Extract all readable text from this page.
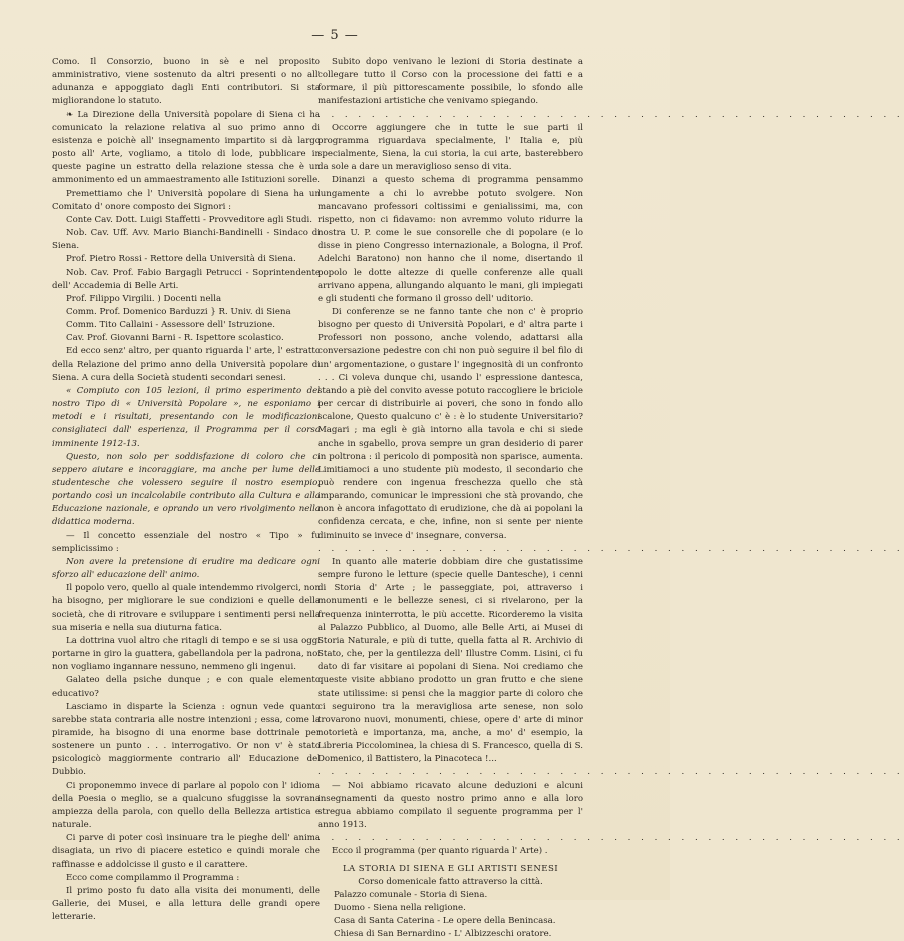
— 5 —

Como. Il Consorzio, buono in sè e nel proposito amministrativo, viene sostenuto da altri presenti o no all' adunanza e appoggiato dagli Enti contributori. Si sta migliorandone lo statuto.

❧ La Direzione della Università popolare di Siena ci ha comunicato la relazione relativa al suo primo anno di esistenza e poichè all' insegnamento impartito si dà largo posto all' Arte, vogliamo, a titolo di lode, pubblicare in queste pagine un estratto della relazione stessa che è un ammonimento ed un ammaestramento alle Istituzioni sorelle.

Premettiamo che l' Università popolare di Siena ha un Comitato d' onore composto dei Signori :

Conte Cav. Dott. Luigi Staffetti - Provveditore agli Studi.

Nob. Cav. Uff. Avv. Mario Bianchi-Bandinelli - Sindaco di Siena.

Prof. Pietro Rossi - Rettore della Università di Siena.

Nob. Cav. Prof. Fabio Bargagli Petrucci - Soprintendente dell' Accademia di Belle Arti.

Prof. Filippo Virgilii. ) Docenti nella

Comm. Prof. Domenico Barduzzi } R. Univ. di Siena

Comm. Tito Callaini - Assessore dell' Istruzione.

Cav. Prof. Giovanni Barni - R. Ispettore scolastico.

Ed ecco senz' altro, per quanto riguarda l' arte, l' estratto della Relazione del primo anno della Università popolare di Siena. A cura della Società studenti secondari senesi.

« Compiuto con 105 lezioni, il primo esperimento del nostro Tipo di « Università Popolare », ne esponiamo i metodi e i risultati, presentando con le modificazioni consigliateci dall' esperienza, il Programma per il corso imminente 1912-13.

Questo, non solo per soddisfazione di coloro che ci seppero aiutare e incoraggiare, ma anche per lume delle studentesche che volessero seguire il nostro esempio, portando così un incalcolabile contributo alla Cultura e alla Educazione nazionale, e oprando un vero rivolgimento nella didattica moderna.

— Il concetto essenziale del nostro « Tipo » fu semplicissimo :

Non avere la pretensione di erudire ma dedicare ogni sforzo all' educazione dell' animo.

Il popolo vero, quello al quale intendemmo rivolgerci, non ha bisogno, per migliorare le sue condizioni e quelle della società, che di ritrovare e sviluppare i sentimenti persi nella sua miseria e nella sua diuturna fatica.

La dottrina vuol altro che ritagli di tempo e se si usa oggi portarne in giro la guattera, gabellandola per la padrona, noi non vogliamo ingannare nessuno, nemmeno gli ingenui.

Galateo della psiche dunque ; e con quale elemento educativo?

Lasciamo in disparte la Scienza : ognun vede quanto sarebbe stata contraria alle nostre intenzioni ; essa, come la piramide, ha bisogno di una enorme base dottrinale per sostenere un punto . . . interrogativo. Or non v' è stato psicologicò maggiormente contrario all' Educazione del Dubbio.

Ci proponemmo invece di parlare al popolo con l' idioma della Poesia o meglio, se a qualcuno sfuggisse la sovrana ampiezza della parola, con quello della Bellezza artistica e naturale.

Ci parve di poter così insinuare tra le pieghe dell' anima disagiata, un rivo di piacere estetico e quindi morale che raffinasse e addolcisse il gusto e il carattere.

Ecco come compilammo il Programma :

Il primo posto fu dato alla visita dei monumenti, delle Gallerie, dei Musei, e alla lettura delle grandi opere letterarie.

Subito dopo venivano le lezioni di Storia destinate a collegare tutto il Corso con la processione dei fatti e a formare, il più pittorescamente possibile, lo sfondo alle manifestazioni artistiche che venivamo spiegando.

. . . . . . . . . . . . . . . . . . . . . . . . . . . . . . . . . . . . . . . . . . . .

Occorre aggiungere che in tutte le sue parti il programma riguardava specialmente, l' Italia e, più specialmente, Siena, la cui storia, la cui arte, basterebbero da sole a dare un meraviglioso senso di vita.

Dinanzi a questo schema di programma pensammo lungamente a chi lo avrebbe potuto svolgere. Non mancavano professori coltissimi e genialissimi, ma, con rispetto, non ci fidavamo: non avremmo voluto ridurre la nostra U. P. come le sue consorelle che di popolare (e lo disse in pieno Congresso internazionale, a Bologna, il Prof. Adelchi Baratono) non hanno che il nome, disertando il popolo le dotte altezze di quelle conferenze alle quali arrivano appena, allungando alquanto le mani, gli impiegati e gli studenti che formano il grosso dell' uditorio.

Di conferenze se ne fanno tante che non c' è proprio bisogno per questo di Università Popolari, e d' altra parte i Professori non possono, anche volendo, adattarsi alla conversazione pedestre con chi non può seguire il bel filo di un' argomentazione, o gustare l' ingegnosità di un confronto . . . Ci voleva dunque chi, usando l' espressione dantesca, stando a piè del convito avesse potuto raccogliere le briciole per cercar di distribuirle ai poveri, che sono in fondo allo scalone, Questo qualcuno c' è : è lo studente Universitario? Magari ; ma egli è già intorno alla tavola e chi si siede anche in sgabello, prova sempre un gran desiderio di parer in poltrona : il pericolo di pomposità non sparisce, aumenta. Limitiamoci a uno studente più modesto, il secondario che può rendere con ingenua freschezza quello che stà imparando, comunicar le impressioni che stà provando, che non è ancora infagottato di erudizione, che dà ai popolani la confidenza cercata, e che, infine, non si sente per niente diminuito se invece d' insegnare, conversa.

. . . . . . . . . . . . . . . . . . . . . . . . . . . . . . . . . . . . . . . . . . . .

In quanto alle materie dobbiam dire che gustatissime sempre furono le letture (specie quelle Dantesche), i cenni di Storia d' Arte ; le passeggiate, poi, attraverso i monumenti e le bellezze senesi, ci si rivelarono, per la frequenza ininterrotta, le più accette. Ricorderemo la visita al Palazzo Pubblico, al Duomo, alle Belle Arti, ai Musei di Storia Naturale, e più di tutte, quella fatta al R. Archivio di Stato, che, per la gentilezza dell' Illustre Comm. Lisini, ci fu dato di far visitare ai popolani di Siena. Noi crediamo che queste visite abbiano prodotto un gran frutto e che siene state utilissime: si pensi che la maggior parte di coloro che ci seguirono tra la meravigliosa arte senese, non solo trovarono nuovi, monumenti, chiese, opere d' arte di minor notorietà e importanza, ma, anche, a mo' d' esempio, la Libreria Piccolominea, la chiesa di S. Francesco, quella di S. Domenico, il Battistero, la Pinacoteca !...

. . . . . . . . . . . . . . . . . . . . . . . . . . . . . . . . . . . . . . . . . . . .

— Noi abbiamo ricavato alcune deduzioni e alcuni insegnamenti da questo nostro primo anno e alla loro stregua abbiamo compilato il seguente programma per l' anno 1913.

. . . . . . . . . . . . . . . . . . . . . . . . . . . . . . . . . . . . . . . . . . . .

Ecco il programma (per quanto riguarda l' Arte) .

LA STORIA DI SIENA E GLI ARTISTI SENESI

Corso domenicale fatto attraverso la città.

Palazzo comunale - Storia di Siena.

Duomo - Siena nella religione.

Casa di Santa Caterina - Le opere della Benincasa.

Chiesa di San Bernardino - L' Albizzeschi oratore.
